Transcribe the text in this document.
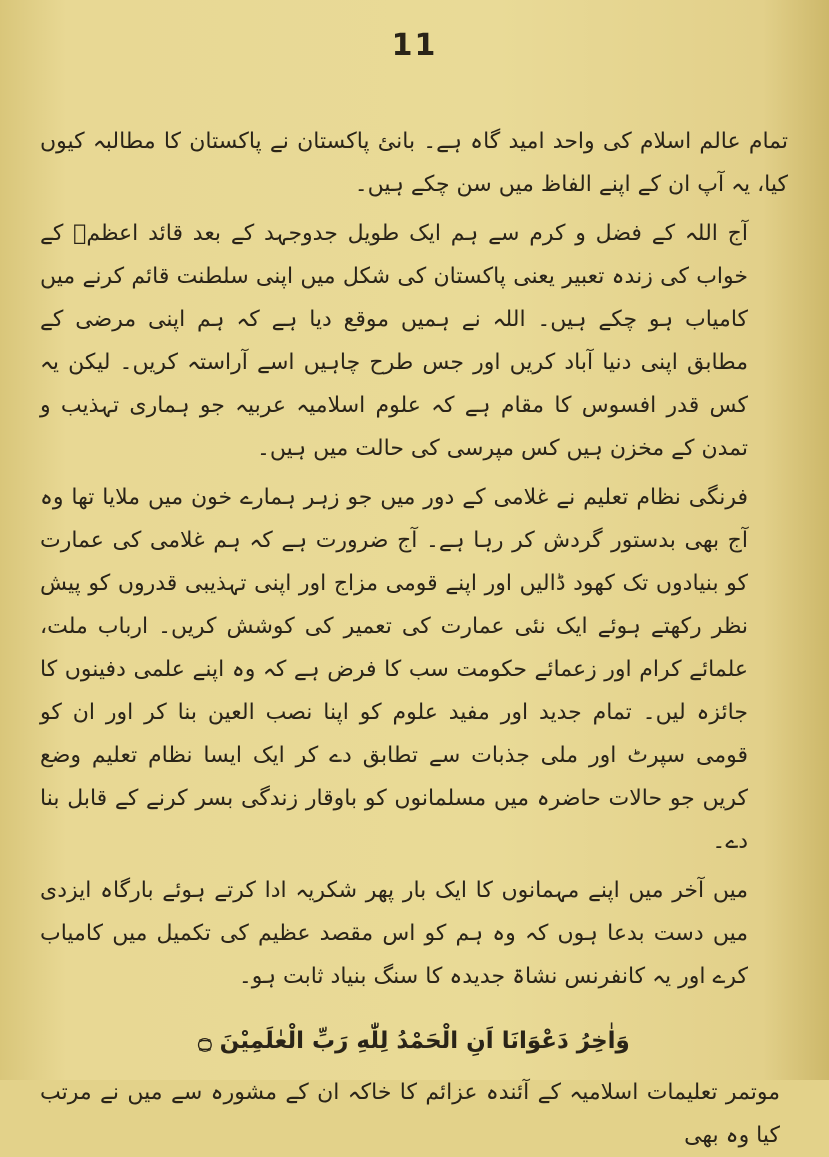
11

تمام عالم اسلام کی واحد امید گاہ ہے۔ بانئ پاکستان نے پاکستان کا مطالبہ کیوں کیا، یہ آپ ان کے اپنے الفاظ میں سن چکے ہیں۔

آج اللہ کے فضل و کرم سے ہم ایک طویل جدوجہد کے بعد قائد اعظمؒ کے خواب کی زندہ تعبیر یعنی پاکستان کی شکل میں اپنی سلطنت قائم کرنے میں کامیاب ہو چکے ہیں۔ اللہ نے ہمیں موقع دیا ہے کہ ہم اپنی مرضی کے مطابق اپنی دنیا آباد کریں اور جس طرح چاہیں اسے آراستہ کریں۔ لیکن یہ کس قدر افسوس کا مقام ہے کہ علوم اسلامیہ عربیہ جو ہماری تہذیب و تمدن کے مخزن ہیں کس مپرسی کی حالت میں ہیں۔

فرنگی نظام تعلیم نے غلامی کے دور میں جو زہر ہمارے خون میں ملایا تھا وہ آج بھی بدستور گردش کر رہا ہے۔ آج ضرورت ہے کہ ہم غلامی کی عمارت کو بنیادوں تک کھود ڈالیں اور اپنے قومی مزاج اور اپنی تہذیبی قدروں کو پیش نظر رکھتے ہوئے ایک نئی عمارت کی تعمیر کی کوشش کریں۔ ارباب ملت، علمائے کرام اور زعمائے حکومت سب کا فرض ہے کہ وہ اپنے علمی دفینوں کا جائزہ لیں۔ تمام جدید اور مفید علوم کو اپنا نصب العین بنا کر اور ان کو قومی سپرٹ اور ملی جذبات سے تطابق دے کر ایک ایسا نظام تعلیم وضع کریں جو حالات حاضرہ میں مسلمانوں کو باوقار زندگی بسر کرنے کے قابل بنا دے۔

میں آخر میں اپنے مہمانوں کا ایک بار پھر شکریہ ادا کرتے ہوئے بارگاہ ایزدی میں دست بدعا ہوں کہ وہ ہم کو اس مقصد عظیم کی تکمیل میں کامیاب کرے اور یہ کانفرنس نشاۃ جدیدہ کا سنگ بنیاد ثابت ہو۔

وَاٰخِرُ دَعْوَانَا اَنِ الْحَمْدُ لِلّٰهِ رَبِّ الْعٰلَمِيْنَ ۝

موتمر تعلیمات اسلامیہ کے آئندہ عزائم کا خاکہ ان کے مشورہ سے میں نے مرتب کیا وہ بھی
